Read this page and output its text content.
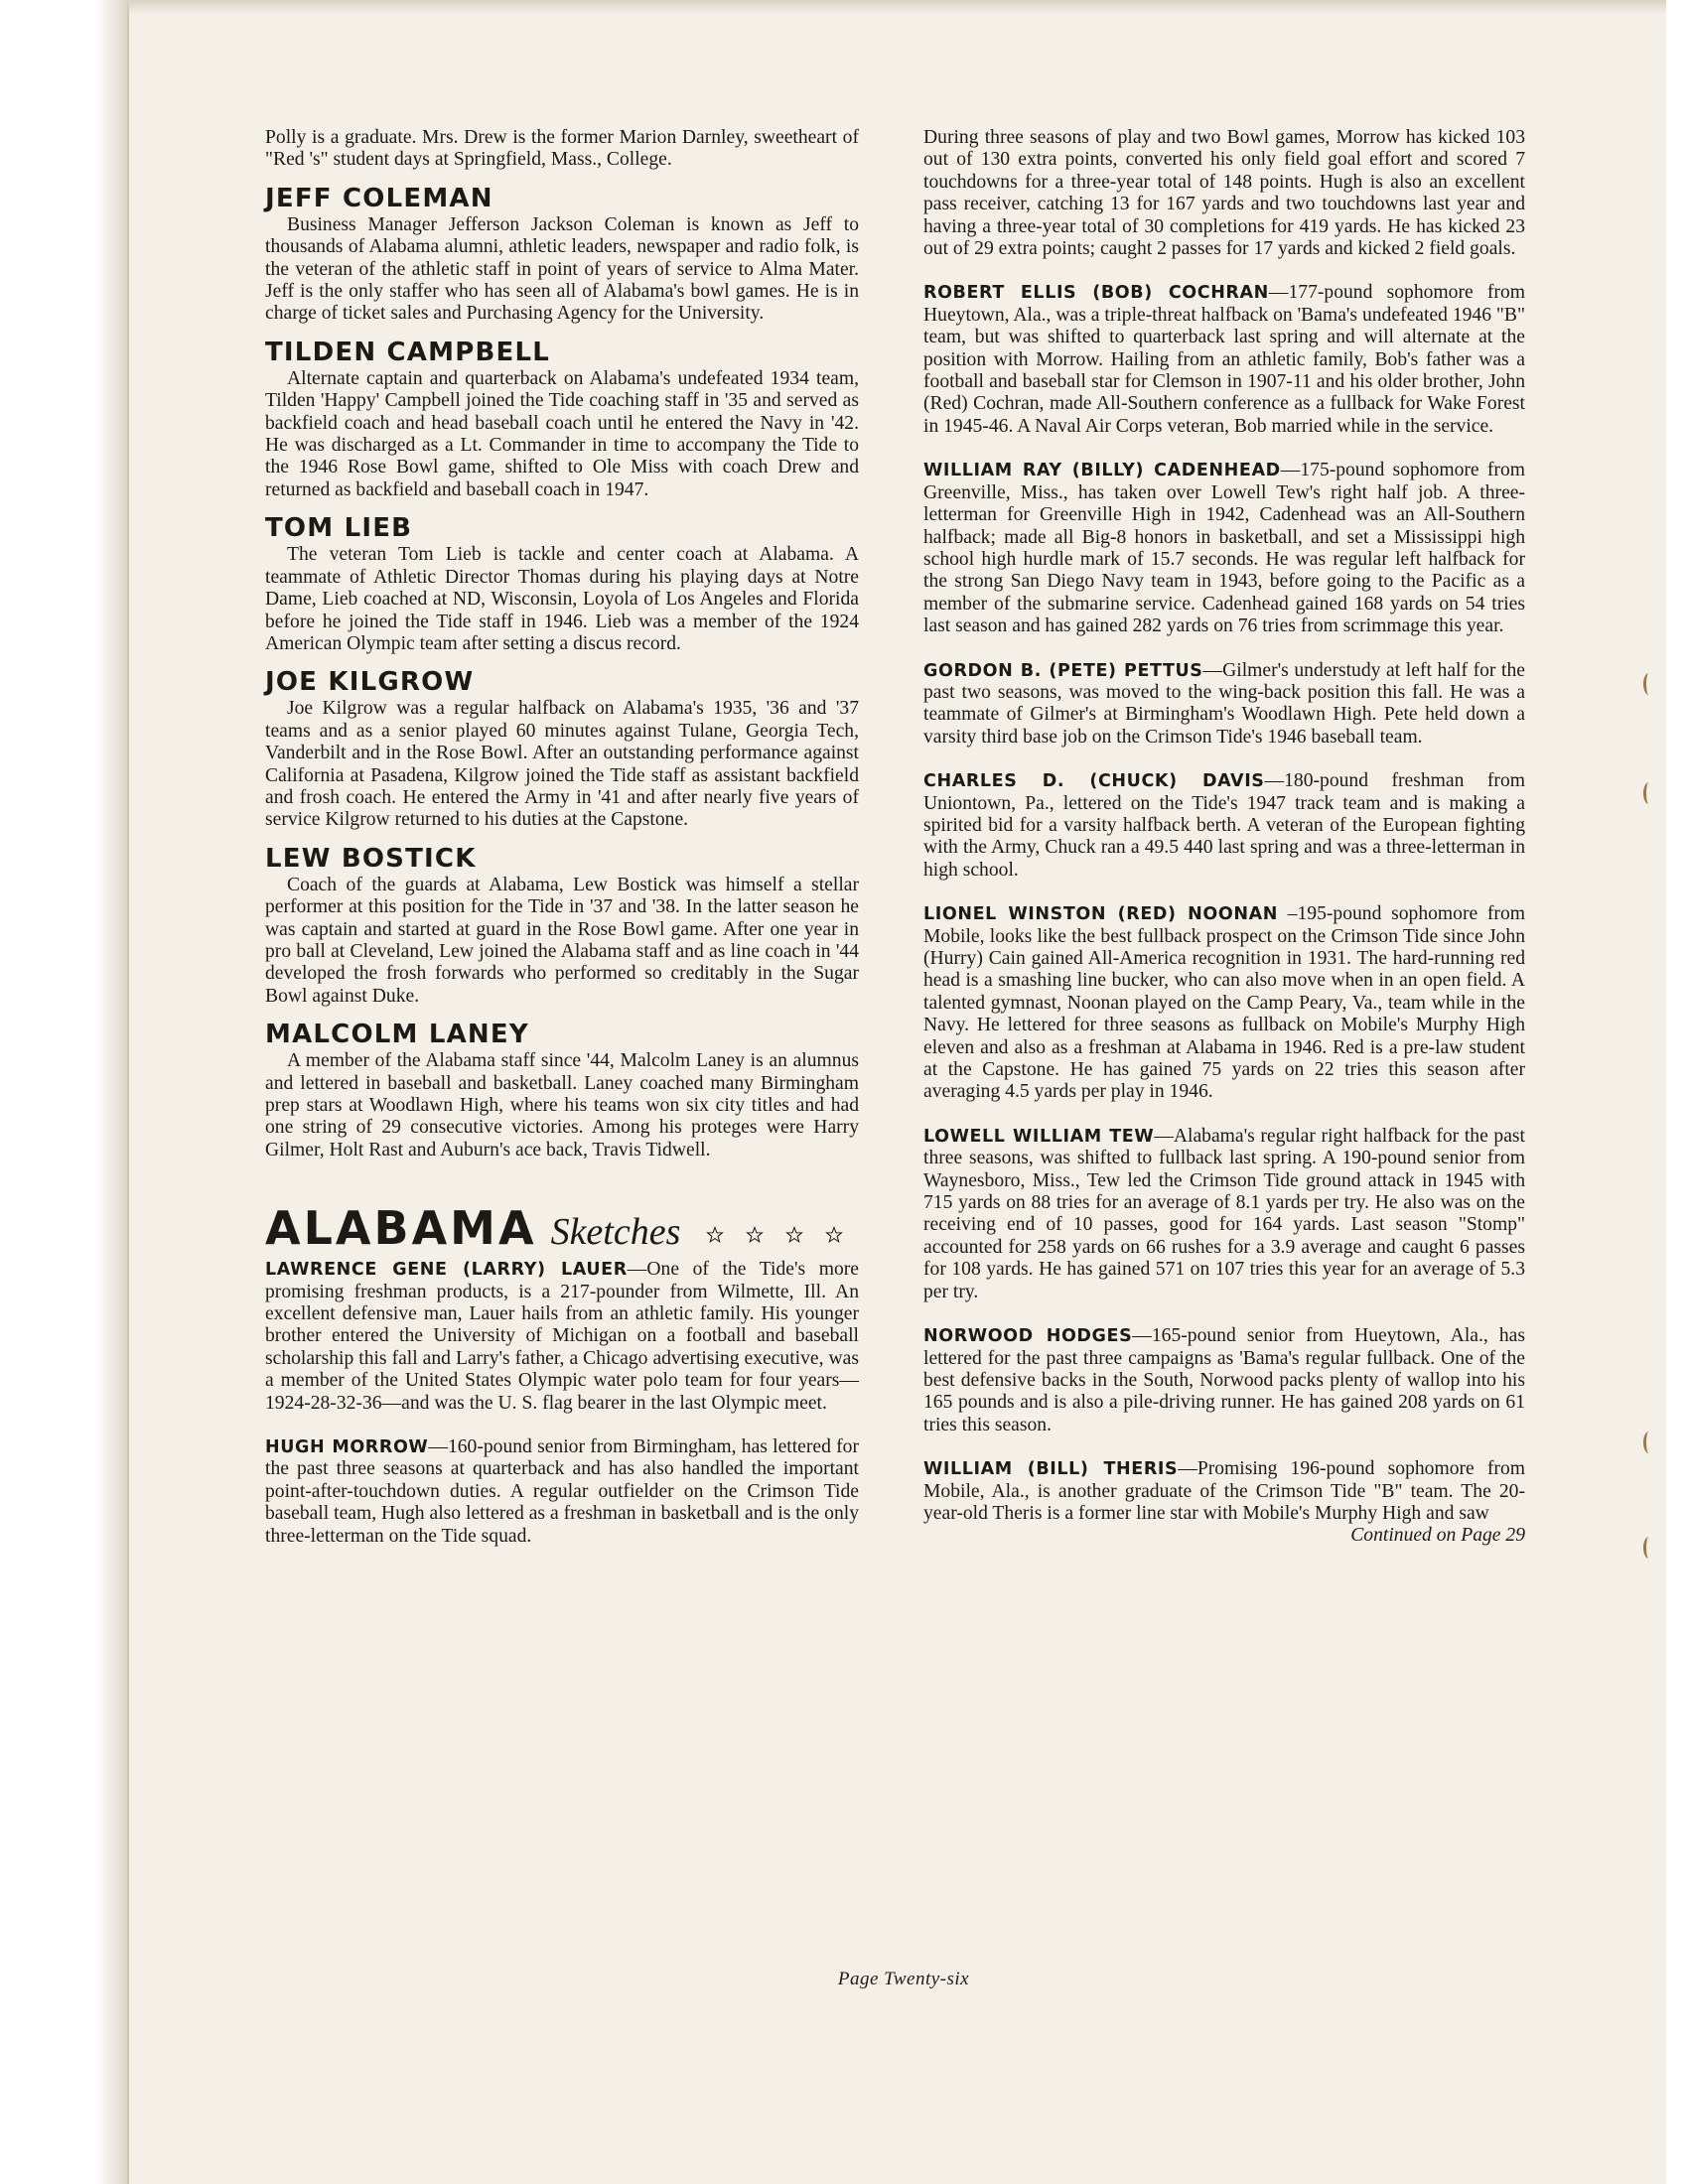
Polly is a graduate. Mrs. Drew is the former Marion Darnley, sweetheart of "Red 's" student days at Springfield, Mass., College.

JEFF COLEMAN

Business Manager Jefferson Jackson Coleman is known as Jeff to thousands of Alabama alumni, athletic leaders, newspaper and radio folk, is the veteran of the athletic staff in point of years of service to Alma Mater. Jeff is the only staffer who has seen all of Alabama's bowl games. He is in charge of ticket sales and Purchasing Agency for the University.

TILDEN CAMPBELL

Alternate captain and quarterback on Alabama's undefeated 1934 team, Tilden 'Happy' Campbell joined the Tide coaching staff in '35 and served as backfield coach and head baseball coach until he entered the Navy in '42. He was discharged as a Lt. Commander in time to accompany the Tide to the 1946 Rose Bowl game, shifted to Ole Miss with coach Drew and returned as backfield and baseball coach in 1947.

TOM LIEB

The veteran Tom Lieb is tackle and center coach at Alabama. A teammate of Athletic Director Thomas during his playing days at Notre Dame, Lieb coached at ND, Wisconsin, Loyola of Los Angeles and Florida before he joined the Tide staff in 1946. Lieb was a member of the 1924 American Olympic team after setting a discus record.

JOE KILGROW

Joe Kilgrow was a regular halfback on Alabama's 1935, '36 and '37 teams and as a senior played 60 minutes against Tulane, Georgia Tech, Vanderbilt and in the Rose Bowl. After an outstanding performance against California at Pasadena, Kilgrow joined the Tide staff as assistant backfield and frosh coach. He entered the Army in '41 and after nearly five years of service Kilgrow returned to his duties at the Capstone.

LEW BOSTICK

Coach of the guards at Alabama, Lew Bostick was himself a stellar performer at this position for the Tide in '37 and '38. In the latter season he was captain and started at guard in the Rose Bowl game. After one year in pro ball at Cleveland, Lew joined the Alabama staff and as line coach in '44 developed the frosh forwards who performed so creditably in the Sugar Bowl against Duke.

MALCOLM LANEY

A member of the Alabama staff since '44, Malcolm Laney is an alumnus and lettered in baseball and basketball. Laney coached many Birmingham prep stars at Woodlawn High, where his teams won six city titles and had one string of 29 consecutive victories. Among his proteges were Harry Gilmer, Holt Rast and Auburn's ace back, Travis Tidwell.

ALABAMA Sketches

LAWRENCE GENE (LARRY) LAUER—One of the Tide's more promising freshman products, is a 217-pounder from Wilmette, Ill. An excellent defensive man, Lauer hails from an athletic family. His younger brother entered the University of Michigan on a football and baseball scholarship this fall and Larry's father, a Chicago advertising executive, was a member of the United States Olympic water polo team for four years—1924-28-32-36—and was the U. S. flag bearer in the last Olympic meet.

HUGH MORROW—160-pound senior from Birmingham, has lettered for the past three seasons at quarterback and has also handled the important point-after-touchdown duties. A regular outfielder on the Crimson Tide baseball team, Hugh also lettered as a freshman in basketball and is the only three-letterman on the Tide squad.

During three seasons of play and two Bowl games, Morrow has kicked 103 out of 130 extra points, converted his only field goal effort and scored 7 touchdowns for a three-year total of 148 points. Hugh is also an excellent pass receiver, catching 13 for 167 yards and two touchdowns last year and having a three-year total of 30 completions for 419 yards. He has kicked 23 out of 29 extra points; caught 2 passes for 17 yards and kicked 2 field goals.

ROBERT ELLIS (BOB) COCHRAN—177-pound sophomore from Hueytown, Ala., was a triple-threat halfback on 'Bama's undefeated 1946 "B" team, but was shifted to quarterback last spring and will alternate at the position with Morrow. Hailing from an athletic family, Bob's father was a football and baseball star for Clemson in 1907-11 and his older brother, John (Red) Cochran, made All-Southern conference as a fullback for Wake Forest in 1945-46. A Naval Air Corps veteran, Bob married while in the service.

WILLIAM RAY (BILLY) CADENHEAD—175-pound sophomore from Greenville, Miss., has taken over Lowell Tew's right half job. A three-letterman for Greenville High in 1942, Cadenhead was an All-Southern halfback; made all Big-8 honors in basketball, and set a Mississippi high school high hurdle mark of 15.7 seconds. He was regular left halfback for the strong San Diego Navy team in 1943, before going to the Pacific as a member of the submarine service. Cadenhead gained 168 yards on 54 tries last season and has gained 282 yards on 76 tries from scrimmage this year.

GORDON B. (PETE) PETTUS—Gilmer's understudy at left half for the past two seasons, was moved to the wing-back position this fall. He was a teammate of Gilmer's at Birmingham's Woodlawn High. Pete held down a varsity third base job on the Crimson Tide's 1946 baseball team.

CHARLES D. (CHUCK) DAVIS—180-pound freshman from Uniontown, Pa., lettered on the Tide's 1947 track team and is making a spirited bid for a varsity halfback berth. A veteran of the European fighting with the Army, Chuck ran a 49.5 440 last spring and was a three-letterman in high school.

LIONEL WINSTON (RED) NOONAN –195-pound sophomore from Mobile, looks like the best fullback prospect on the Crimson Tide since John (Hurry) Cain gained All-America recognition in 1931. The hard-running red head is a smashing line bucker, who can also move when in an open field. A talented gymnast, Noonan played on the Camp Peary, Va., team while in the Navy. He lettered for three seasons as fullback on Mobile's Murphy High eleven and also as a freshman at Alabama in 1946. Red is a pre-law student at the Capstone. He has gained 75 yards on 22 tries this season after averaging 4.5 yards per play in 1946.

LOWELL WILLIAM TEW—Alabama's regular right halfback for the past three seasons, was shifted to fullback last spring. A 190-pound senior from Waynesboro, Miss., Tew led the Crimson Tide ground attack in 1945 with 715 yards on 88 tries for an average of 8.1 yards per try. He also was on the receiving end of 10 passes, good for 164 yards. Last season "Stomp" accounted for 258 yards on 66 rushes for a 3.9 average and caught 6 passes for 108 yards. He has gained 571 on 107 tries this year for an average of 5.3 per try.

NORWOOD HODGES—165-pound senior from Hueytown, Ala., has lettered for the past three campaigns as 'Bama's regular fullback. One of the best defensive backs in the South, Norwood packs plenty of wallop into his 165 pounds and is also a pile-driving runner. He has gained 208 yards on 61 tries this season.

WILLIAM (BILL) THERIS—Promising 196-pound sophomore from Mobile, Ala., is another graduate of the Crimson Tide "B" team. The 20-year-old Theris is a former line star with Mobile's Murphy High and saw

Continued on Page 29

Page Twenty-six
